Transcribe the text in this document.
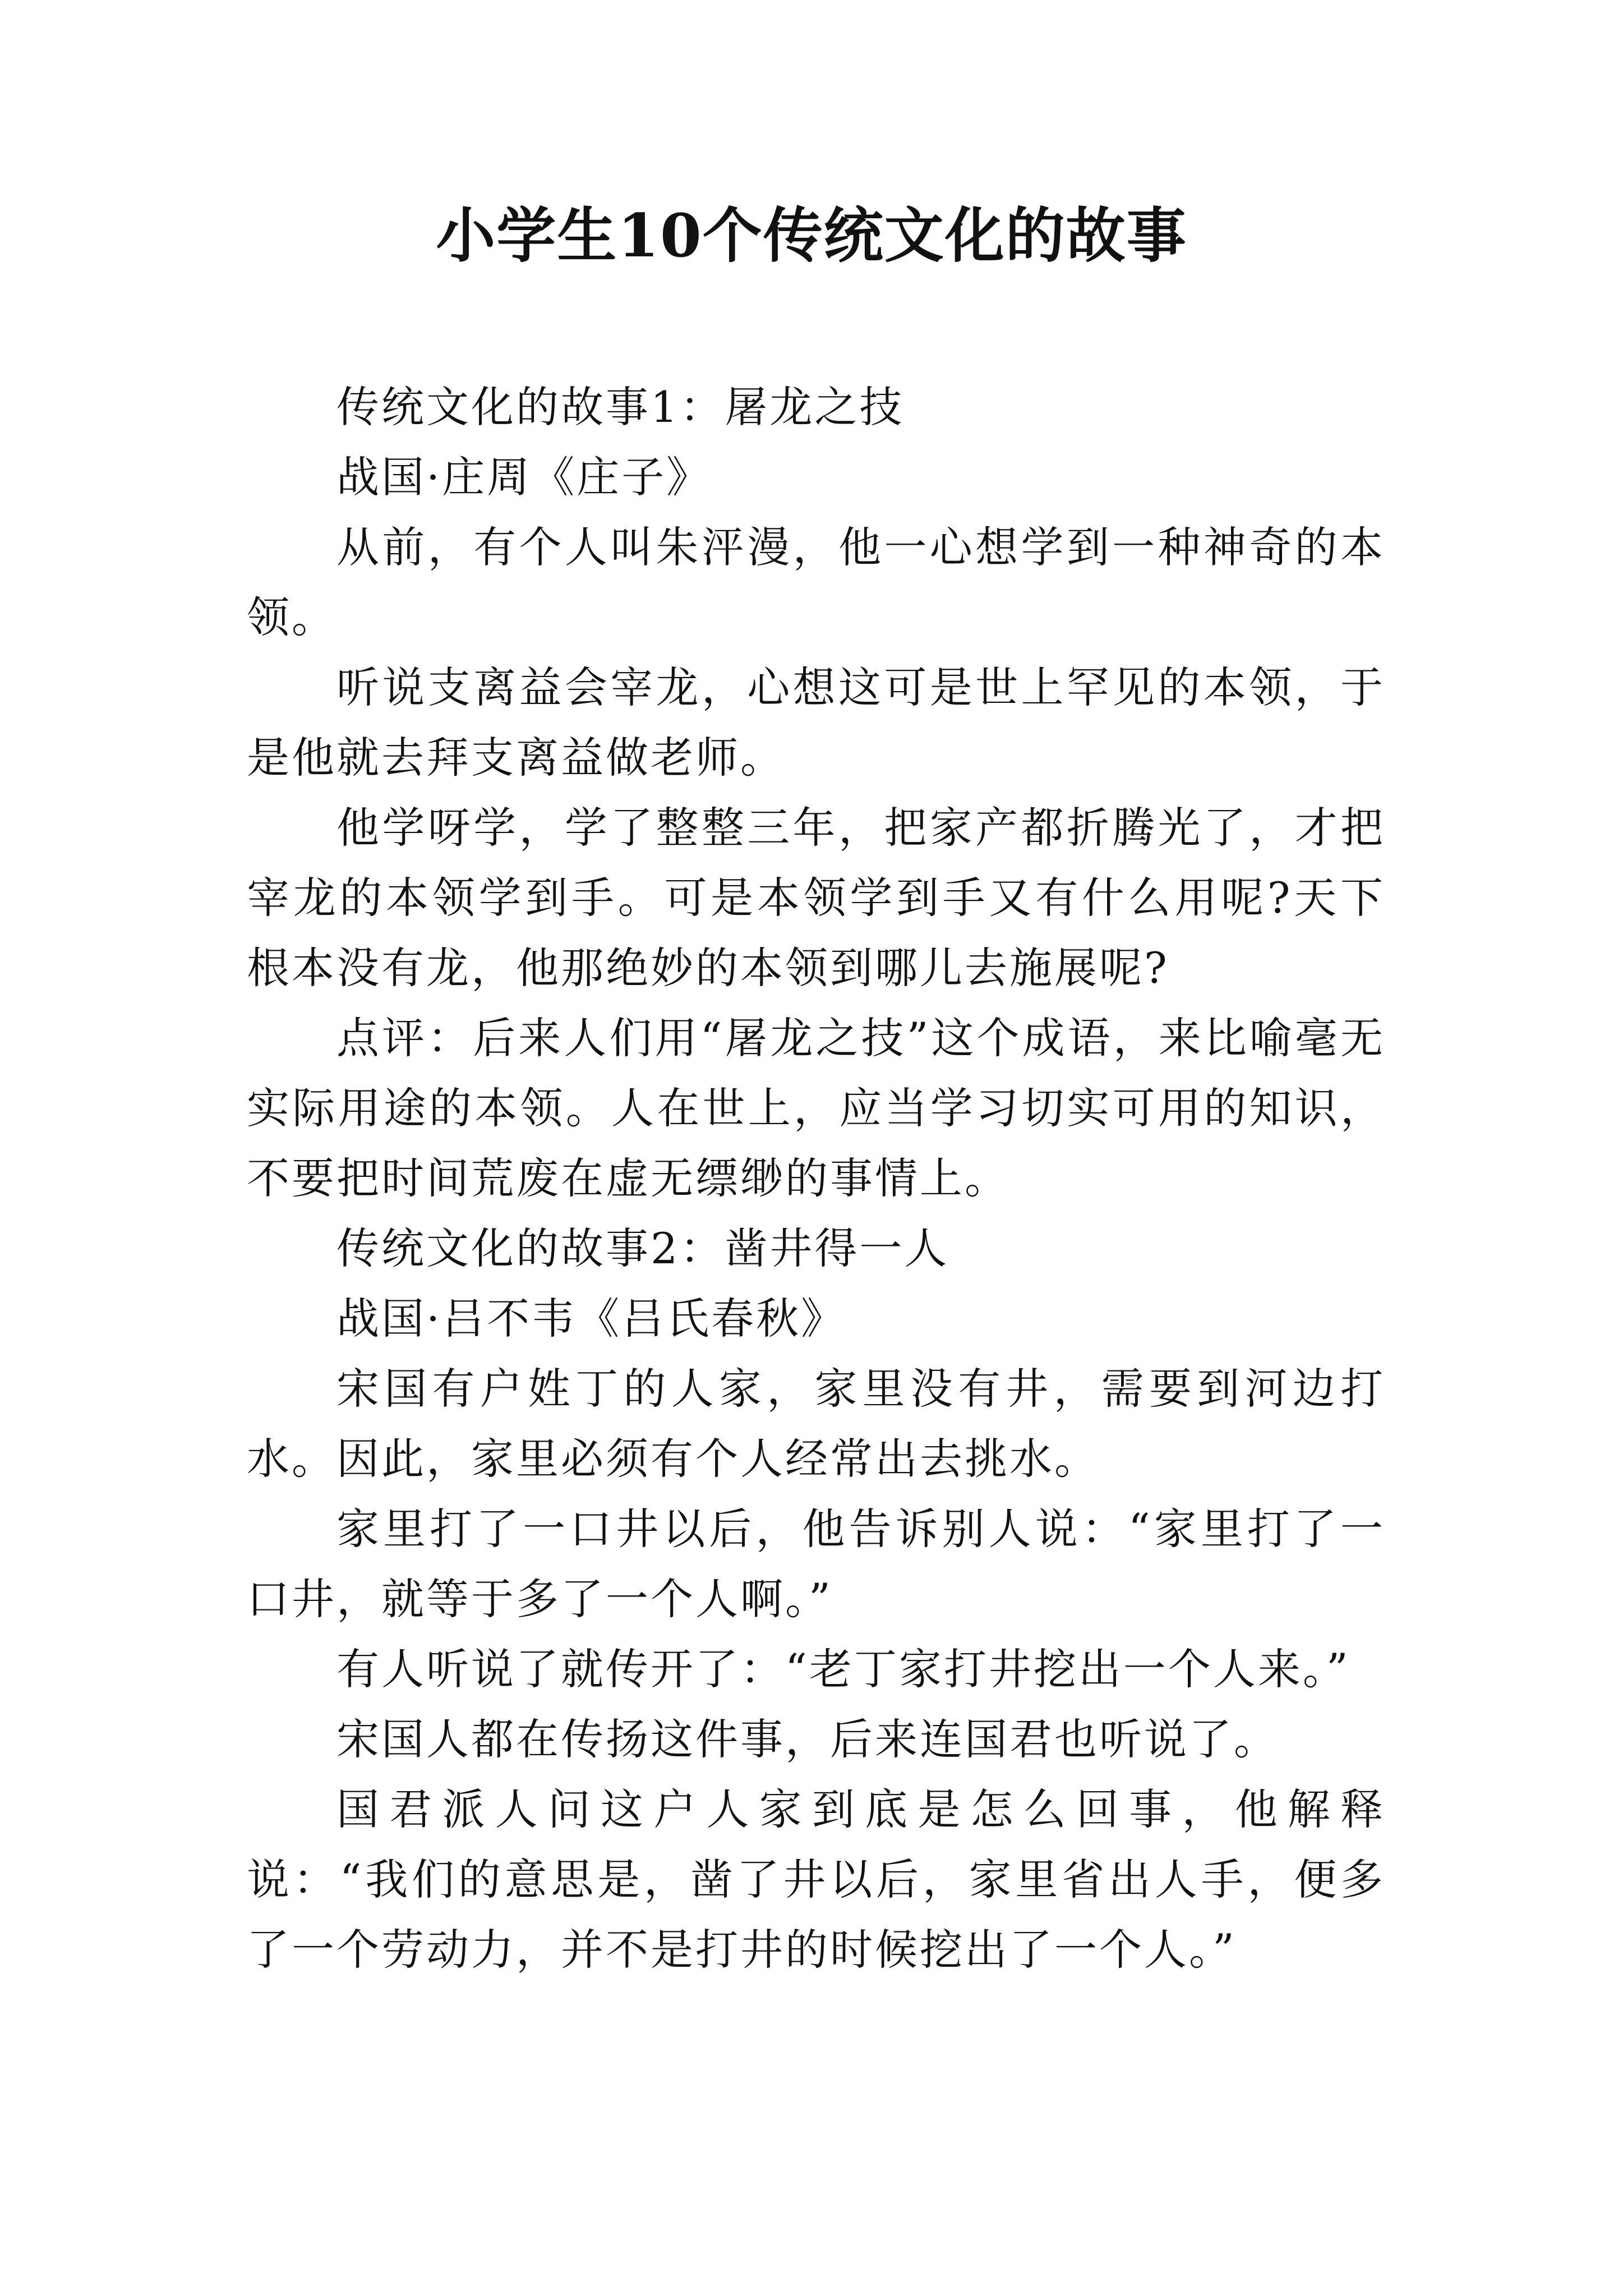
小学生10个传统文化的故事

传统文化的故事1：屠龙之技

战国·庄周《庄子》

从前，有个人叫朱泙漫，他一心想学到一种神奇的本领。

听说支离益会宰龙，心想这可是世上罕见的本领，于是他就去拜支离益做老师。

他学呀学，学了整整三年，把家产都折腾光了，才把宰龙的本领学到手。可是本领学到手又有什么用呢?天下根本没有龙，他那绝妙的本领到哪儿去施展呢?

点评：后来人们用“屠龙之技”这个成语，来比喻毫无实际用途的本领。人在世上，应当学习切实可用的知识，不要把时间荒废在虚无缥缈的事情上。

传统文化的故事2：凿井得一人

战国·吕不韦《吕氏春秋》

宋国有户姓丁的人家，家里没有井，需要到河边打水。因此，家里必须有个人经常出去挑水。

家里打了一口井以后，他告诉别人说：“家里打了一口井，就等于多了一个人啊。”

有人听说了就传开了：“老丁家打井挖出一个人来。”

宋国人都在传扬这件事，后来连国君也听说了。

国君派人问这户人家到底是怎么回事，他解释说：“我们的意思是，凿了井以后，家里省出人手，便多了一个劳动力，并不是打井的时候挖出了一个人。”
